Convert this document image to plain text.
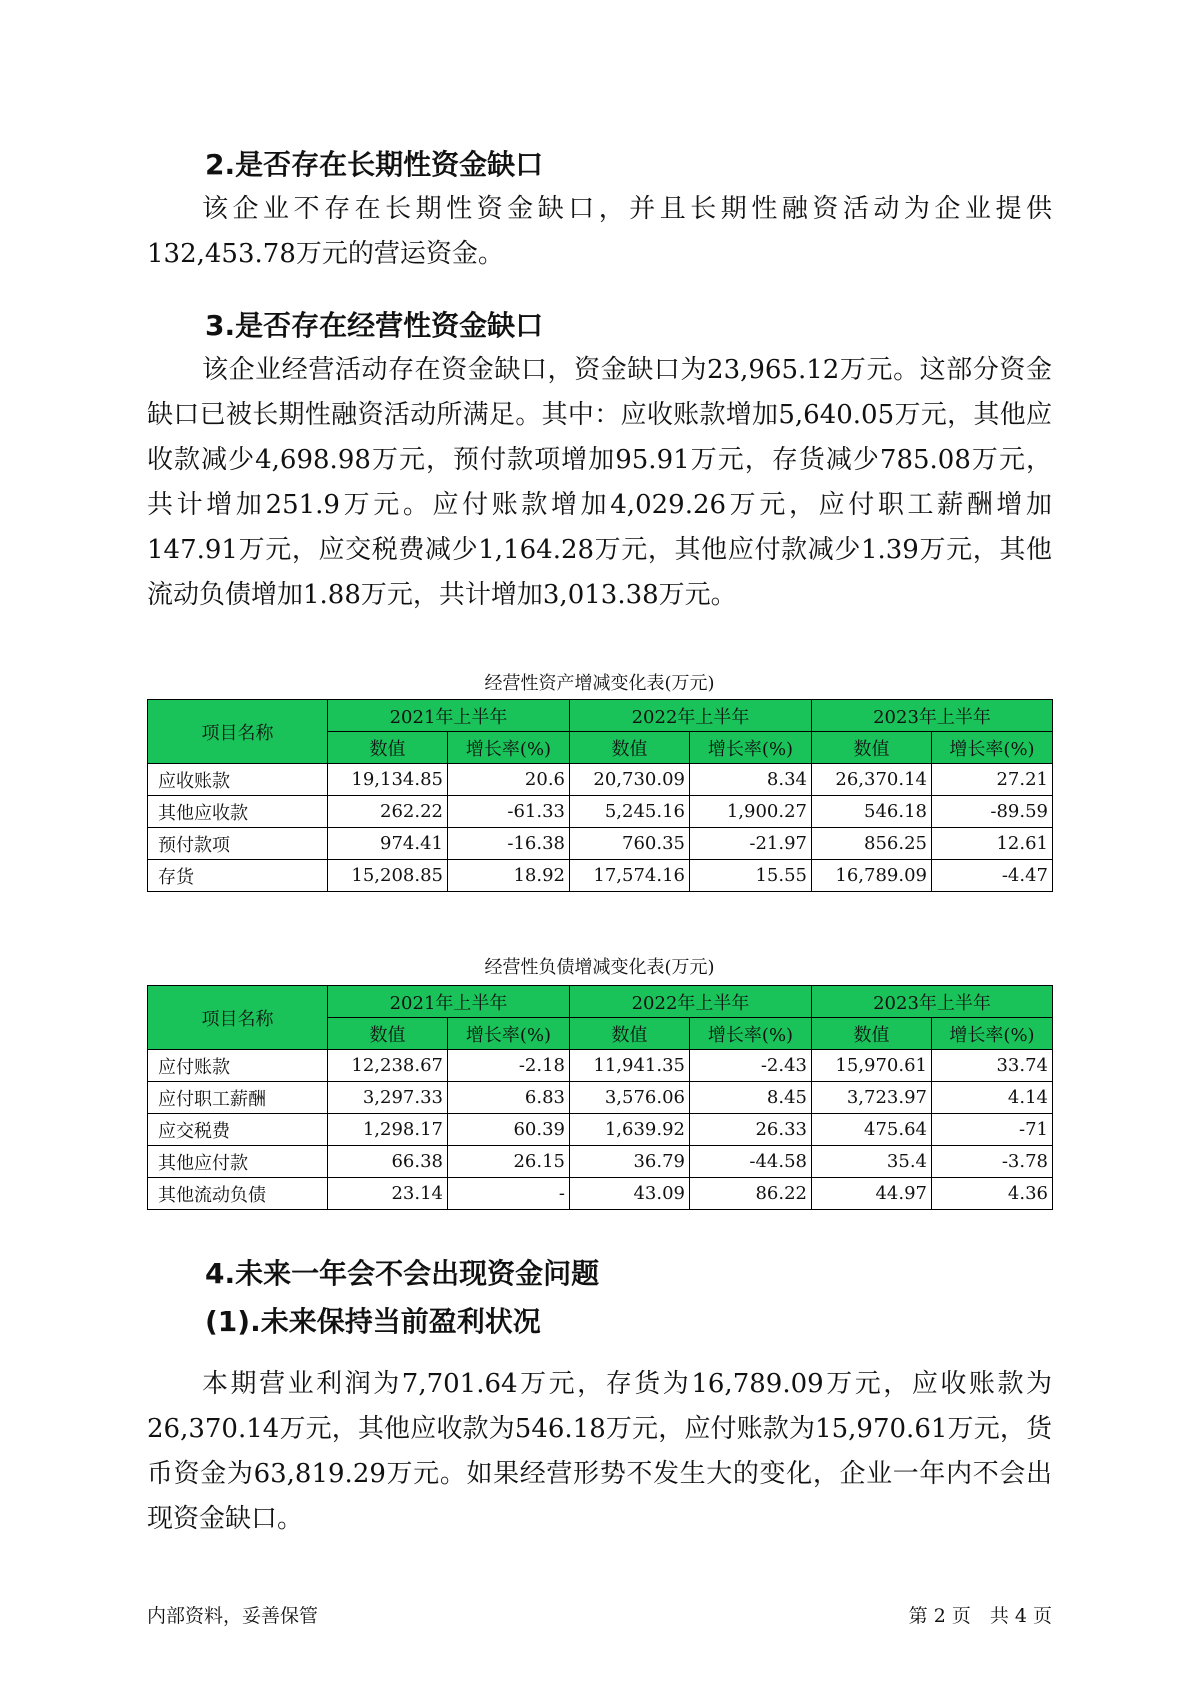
2.是否存在长期性资金缺口

该企业不存在长期性资金缺口，并且长期性融资活动为企业提供132,453.78万元的营运资金。

3.是否存在经营性资金缺口

该企业经营活动存在资金缺口，资金缺口为23,965.12万元。这部分资金缺口已被长期性融资活动所满足。其中：应收账款增加5,640.05万元，其他应收款减少4,698.98万元，预付款项增加95.91万元，存货减少785.08万元，共计增加251.9万元。应付账款增加4,029.26万元，应付职工薪酬增加147.91万元，应交税费减少1,164.28万元，其他应付款减少1.39万元，其他流动负债增加1.88万元，共计增加3,013.38万元。

经营性资产增减变化表(万元)
项目名称	2021年上半年		2022年上半年		2023年上半年	
	数值	增长率(%)	数值	增长率(%)	数值	增长率(%)
应收账款	19,134.85	20.6	20,730.09	8.34	26,370.14	27.21
其他应收款	262.22	-61.33	5,245.16	1,900.27	546.18	-89.59
预付款项	974.41	-16.38	760.35	-21.97	856.25	12.61
存货	15,208.85	18.92	17,574.16	15.55	16,789.09	-4.47
经营性负债增减变化表(万元)
项目名称	2021年上半年		2022年上半年		2023年上半年	
	数值	增长率(%)	数值	增长率(%)	数值	增长率(%)
应付账款	12,238.67	-2.18	11,941.35	-2.43	15,970.61	33.74
应付职工薪酬	3,297.33	6.83	3,576.06	8.45	3,723.97	4.14
应交税费	1,298.17	60.39	1,639.92	26.33	475.64	-71
其他应付款	66.38	26.15	36.79	-44.58	35.4	-3.78
其他流动负债	23.14	-	43.09	86.22	44.97	4.36
4.未来一年会不会出现资金问题
(1).未来保持当前盈利状况

本期营业利润为7,701.64万元，存货为16,789.09万元，应收账款为26,370.14万元，其他应收款为546.18万元，应付账款为15,970.61万元，货币资金为63,819.29万元。如果经营形势不发生大的变化，企业一年内不会出现资金缺口。

内部资料，妥善保管	第 2 页　共 4 页
